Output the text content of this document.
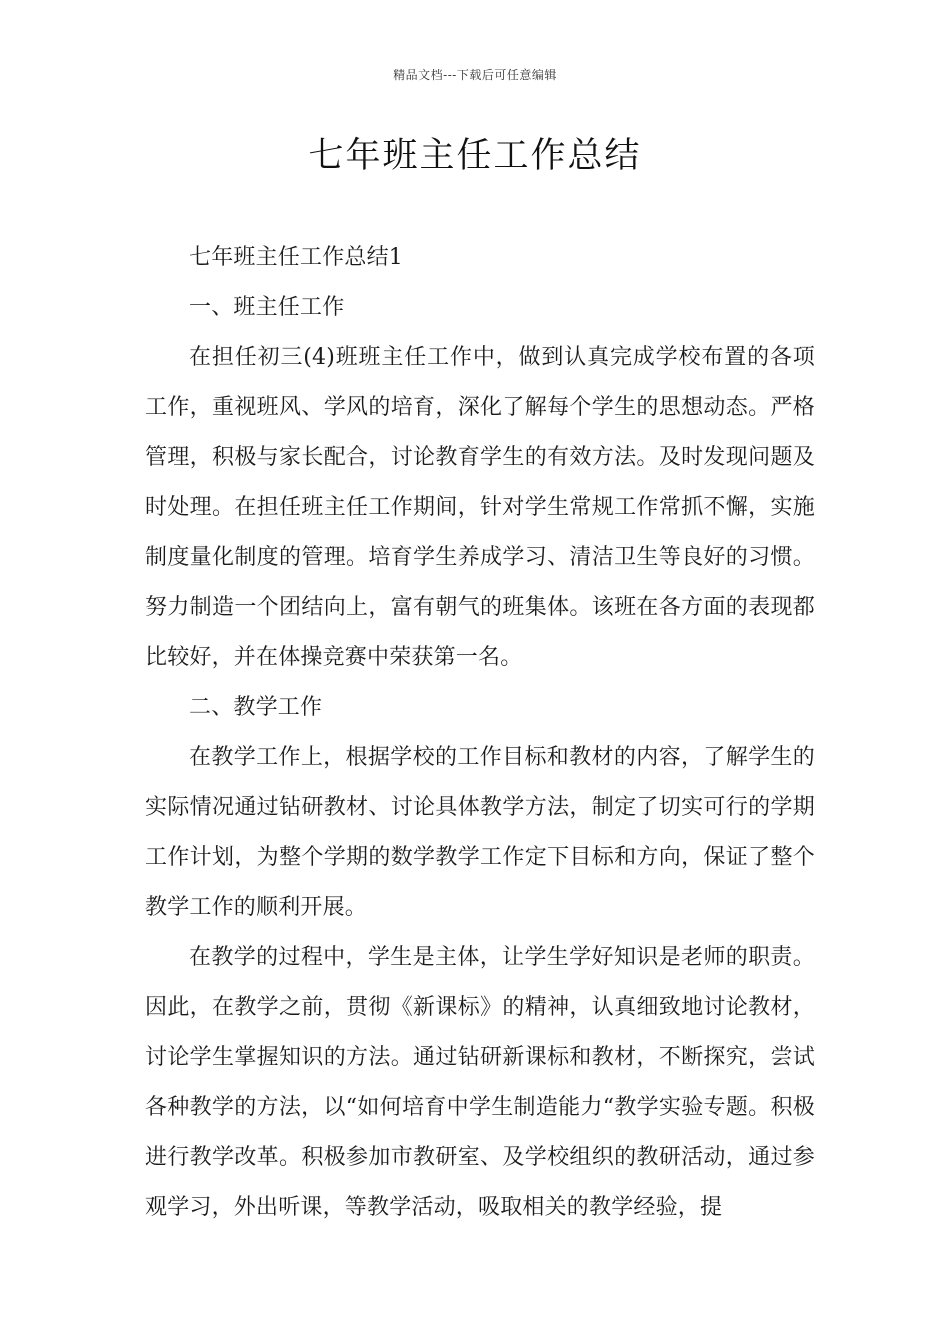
精品文档---下载后可任意编辑
七年班主任工作总结

七年班主任工作总结1

一、班主任工作

在担任初三(4)班班主任工作中，做到认真完成学校布置的各项工作，重视班风、学风的培育，深化了解每个学生的思想动态。严格管理，积极与家长配合，讨论教育学生的有效方法。及时发现问题及时处理。在担任班主任工作期间，针对学生常规工作常抓不懈，实施制度量化制度的管理。培育学生养成学习、清洁卫生等良好的习惯。努力制造一个团结向上，富有朝气的班集体。该班在各方面的表现都比较好，并在体操竞赛中荣获第一名。

二、教学工作

在教学工作上，根据学校的工作目标和教材的内容，了解学生的实际情况通过钻研教材、讨论具体教学方法，制定了切实可行的学期工作计划，为整个学期的数学教学工作定下目标和方向，保证了整个教学工作的顺利开展。

在教学的过程中，学生是主体，让学生学好知识是老师的职责。因此，在教学之前，贯彻《新课标》的精神，认真细致地讨论教材，讨论学生掌握知识的方法。通过钻研新课标和教材，不断探究，尝试各种教学的方法，以“如何培育中学生制造能力“教学实验专题。积极进行教学改革。积极参加市教研室、及学校组织的教研活动，通过参观学习，外出听课，等教学活动，吸取相关的教学经验，提
